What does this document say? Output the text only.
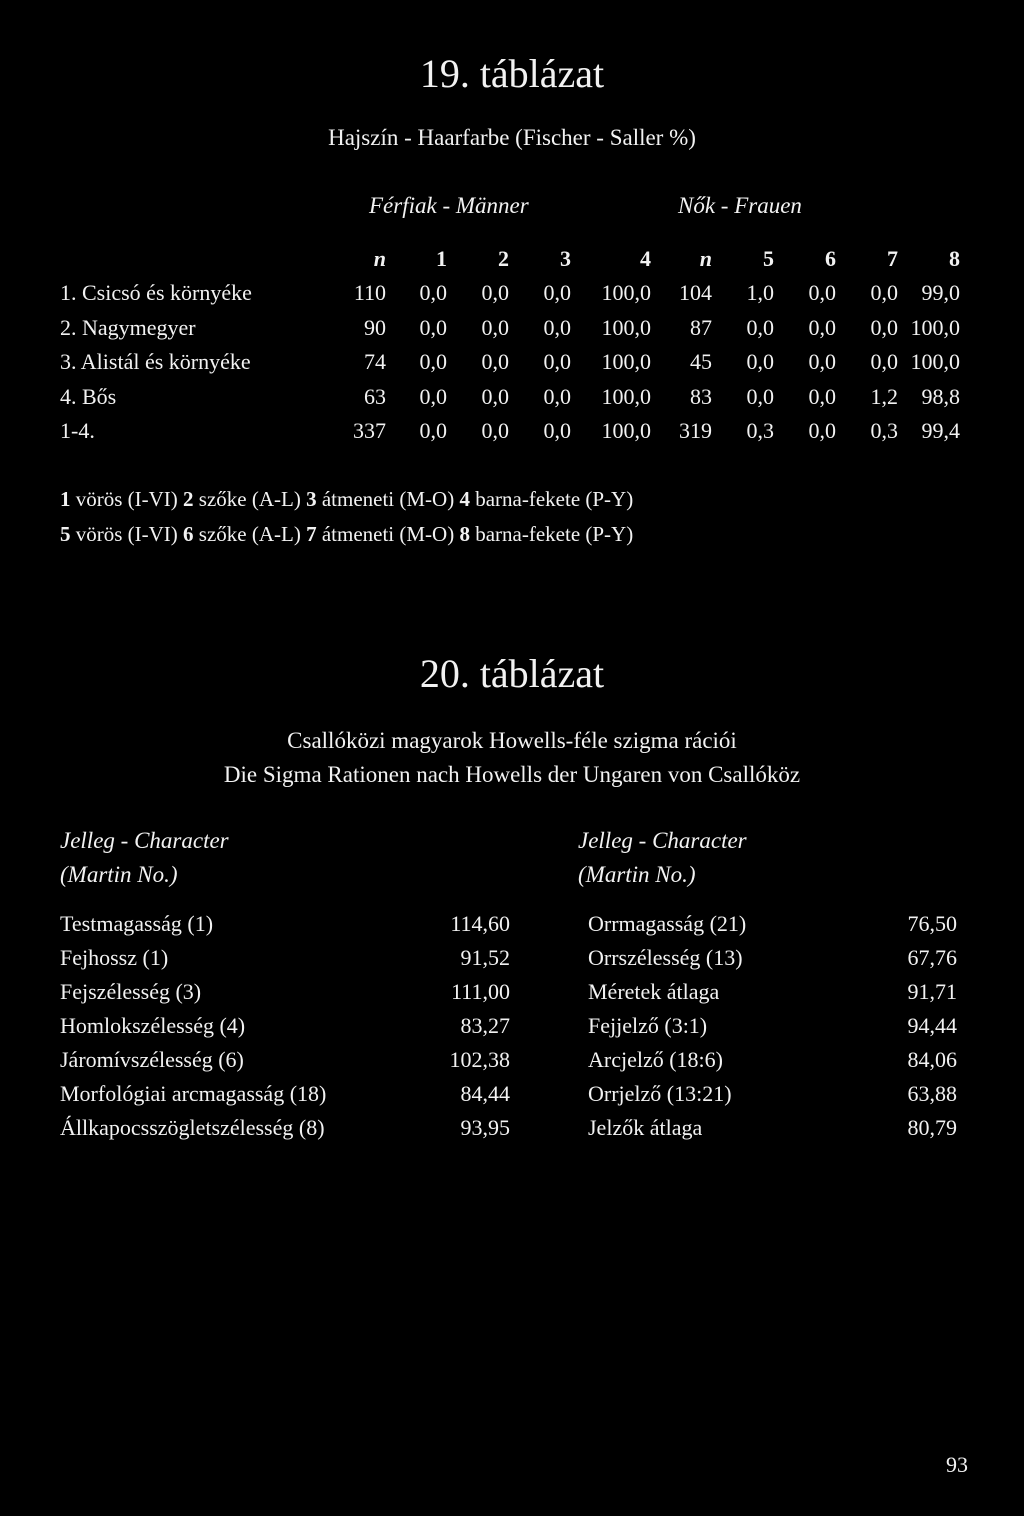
19. táblázat
Hajszín - Haarfarbe (Fischer - Saller %)
Férfiak - Männer	Nők - Frauen
n 1 2 3	4 n 5 6 7 8
1. Csicsó és környéke	110 0,0 0,0 0,0 100,0 104 1,0 0,0 0,0 99,0
2. Nagymegyer	90 0,0 0,0 0,0 100,0 87 0,0 0,0 0,0 100,0
3. Alistál és környéke	74 0,0 0,0 0,0 100,0 45 0,0 0,0 0,0 100,0
4. Bős	63 0,0 0,0 0,0 100,0 83 0,0 0,0 1,2 98,8
1-4.	337 0,0 0,0 0,0 100,0 319 0,3 0,0 0,3 99,4
1 vörös (I-VI) 2 szőke (A-L) 3 átmeneti (M-O) 4 barna-fekete (P-Y)
5 vörös (I-VI) 6 szőke (A-L) 7 átmeneti (M-O) 8 barna-fekete (P-Y)
20. táblázat
Csallóközi magyarok Howells-féle szigma rációi
Die Sigma Rationen nach Howells der Ungaren von Csallóköz
Jelleg - Character
(Martin No.)
Jelleg - Character
(Martin No.)
Testmagasság (1)	114,60
Fejhossz (1)	91,52
Fejszélesség (3)	111,00
Homlokszélesség (4)	83,27
Járomívszélesség (6)	102,38
Morfológiai arcmagasság (18)	84,44
Állkapocsszögletszélesség (8)	93,95
Orrmagasság (21)	76,50
Orrszélesség (13)	67,76
Méretek átlaga	91,71
Fejjelző (3:1)	94,44
Arcjelző (18:6)	84,06
Orrjelző (13:21)	63,88
Jelzők átlaga	80,79
93
